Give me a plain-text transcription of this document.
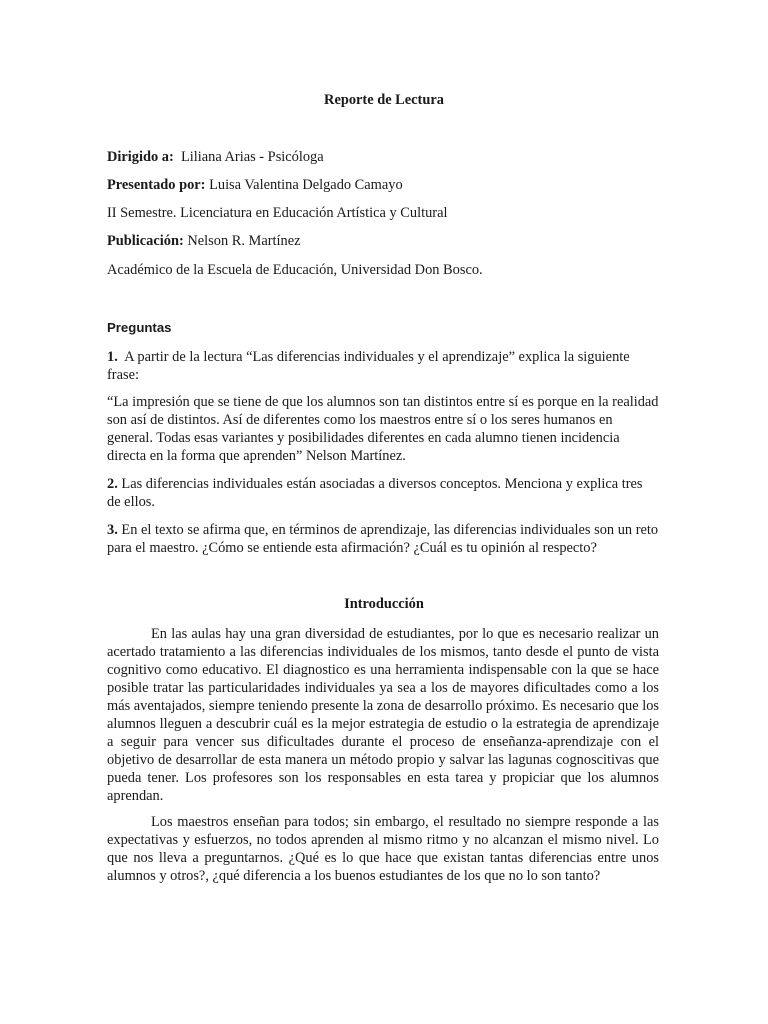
Reporte de Lectura
Dirigido a: Liliana Arias - Psicóloga
Presentado por: Luisa Valentina Delgado Camayo
II Semestre. Licenciatura en Educación Artística y Cultural
Publicación: Nelson R. Martínez
Académico de la Escuela de Educación, Universidad Don Bosco.
Preguntas
1. A partir de la lectura “Las diferencias individuales y el aprendizaje” explica la siguiente frase:
“La impresión que se tiene de que los alumnos son tan distintos entre sí es porque en la realidad son así de distintos. Así de diferentes como los maestros entre sí o los seres humanos en general. Todas esas variantes y posibilidades diferentes en cada alumno tienen incidencia directa en la forma que aprenden” Nelson Martínez.
2. Las diferencias individuales están asociadas a diversos conceptos. Menciona y explica tres de ellos.
3. En el texto se afirma que, en términos de aprendizaje, las diferencias individuales son un reto para el maestro. ¿Cómo se entiende esta afirmación? ¿Cuál es tu opinión al respecto?
Introducción
En las aulas hay una gran diversidad de estudiantes, por lo que es necesario realizar un acertado tratamiento a las diferencias individuales de los mismos, tanto desde el punto de vista cognitivo como educativo. El diagnostico es una herramienta indispensable con la que se hace posible tratar las particularidades individuales ya sea a los de mayores dificultades como a los más aventajados, siempre teniendo presente la zona de desarrollo próximo. Es necesario que los alumnos lleguen a descubrir cuál es la mejor estrategia de estudio o la estrategia de aprendizaje a seguir para vencer sus dificultades durante el proceso de enseñanza-aprendizaje con el objetivo de desarrollar de esta manera un método propio y salvar las lagunas cognoscitivas que pueda tener. Los profesores son los responsables en esta tarea y propiciar que los alumnos aprendan.
Los maestros enseñan para todos; sin embargo, el resultado no siempre responde a las expectativas y esfuerzos, no todos aprenden al mismo ritmo y no alcanzan el mismo nivel. Lo que nos lleva a preguntarnos. ¿Qué es lo que hace que existan tantas diferencias entre unos alumnos y otros?, ¿qué diferencia a los buenos estudiantes de los que no lo son tanto?
